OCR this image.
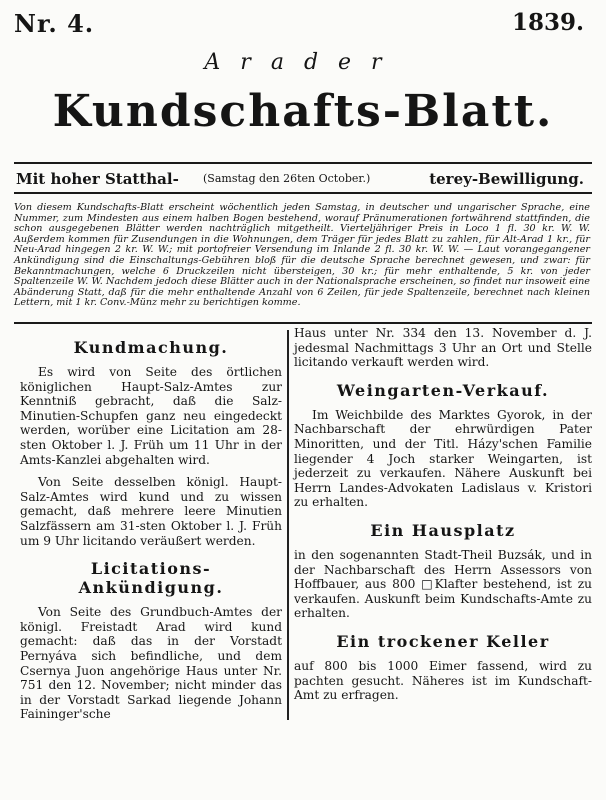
Nr. 4.	1839.
Arader
Kundschafts-Blatt.
Mit hoher Statthal- (Samstag den 26ten October.)	terey-Bewilligung.
Von diesem Kundschafts-Blatt erscheint wöchentlich jeden Samstag, in deutscher und ungarischer Sprache, eine Nummer, zum Mindesten aus einem halben Bogen bestehend, worauf Pränumerationen fortwährend stattfinden, die schon ausgegebenen Blätter werden nachträglich mitgetheilt. Vierteljähriger Preis in Loco 1 fl. 30 kr. W. W. Außerdem kommen für Zusendungen in die Wohnungen, dem Träger für jedes Blatt zu zahlen, für Alt-Arad 1 kr., für Neu-Arad hingegen 2 kr. W. W.; mit portofreier Versendung im Inlande 2 fl. 30 kr. W. W. — Laut vorangegangener Ankündigung sind die Einschaltungs-Gebühren bloß für die deutsche Sprache berechnet gewesen, und zwar: für Bekanntmachungen, welche 6 Druckzeilen nicht übersteigen, 30 kr.; für mehr enthaltende, 5 kr. von jeder Spaltenzeile W. W. Nachdem jedoch diese Blätter auch in der Nationalsprache erscheinen, so findet nur insoweit eine Abänderung Statt, daß für die mehr enthaltende Anzahl von 6 Zeilen, für jede Spaltenzeile, berechnet nach kleinen Lettern, mit 1 kr. Conv.-Münz mehr zu berichtigen komme.

Kundmachung.

Es wird von Seite des örtlichen königlichen Haupt-Salz-Amtes zur Kenntniß gebracht, daß die Salz-Minutien-Schupfen ganz neu eingedeckt werden, worüber eine Licitation am 28-sten Oktober l. J. Früh um 11 Uhr in der Amts-Kanzlei abgehalten wird.

Von Seite desselben königl. Haupt-Salz-Amtes wird kund und zu wissen gemacht, daß mehrere leere Minutien Salzfässern am 31-sten Oktober l. J. Früh um 9 Uhr licitando veräußert werden.

Licitations-Ankündigung.

Von Seite des Grundbuch-Amtes der königl. Freistadt Arad wird kund gemacht: daß das in der Vorstadt Pernyáva sich befindliche, und dem Csernya Juon angehörige Haus unter Nr. 751 den 12. November; nicht minder das in der Vorstadt Sarkad liegende Johann Faininger'sche

Haus unter Nr. 334 den 13. November d. J. jedesmal Nachmittags 3 Uhr an Ort und Stelle licitando verkauft werden wird.

Weingarten-Verkauf.

Im Weichbilde des Marktes Gyorok, in der Nachbarschaft der ehrwürdigen Pater Minoritten, und der Titl. Házy'schen Familie liegender 4 Joch starker Weingarten, ist jederzeit zu verkaufen. Nähere Auskunft bei Herrn Landes-Advokaten Ladislaus v. Kristori zu erhalten.

Ein Hausplatz

in den sogenannten Stadt-Theil Buzsák, und in der Nachbarschaft des Herrn Assessors von Hoffbauer, aus 800 □Klafter bestehend, ist zu verkaufen. Auskunft beim Kundschafts-Amte zu erhalten.

Ein trockener Keller

auf 800 bis 1000 Eimer fassend, wird zu pachten gesucht. Näheres ist im Kundschaft-Amt zu erfragen.
